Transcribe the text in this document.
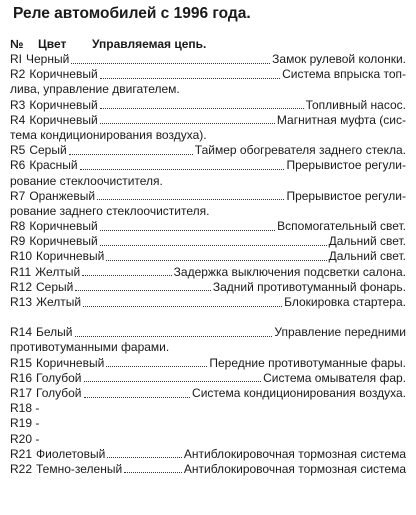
Реле автомобилей с 1996 года.
№	Цвет	Управляемая цепь.
RI Черный	Замок рулевой колонки.
R2 Коричневый	Система впрыска топ-
лива, управление двигателем.
R3 Коричневый	Топливный насос.
R4 Коричневый	Магнитная муфта (сис-
тема кондиционирования воздуха).
R5 Серый	Таймер обогревателя заднего стекла.
R6 Красный	Прерывистое регули-
рование стеклоочистителя.
R7 Оранжевый	Прерывистое регули-
рование заднего стеклоочистителя.
R8 Коричневый	Вспомогательный свет.
R9 Коричневый	Дальний свет.
R10 Коричневый	Дальний свет.
R11 Желтый	Задержка выключения подсветки салона.
R12 Серый	Задний противотуманный фонарь.
R13 Желтый	Блокировка стартера.
R14 Белый	Управление передними
противотуманными фарами.
R15 Коричневый	Передние противотуманные фары.
R16 Голубой	Система омывателя фар.
R17 Голубой	Система кондиционирования воздуха.
R18 -
R19 -
R20 -
R21 Фиолетовый	Антиблокировочная тормозная система
R22 Темно-зеленый	Антиблокировочная тормозная система
